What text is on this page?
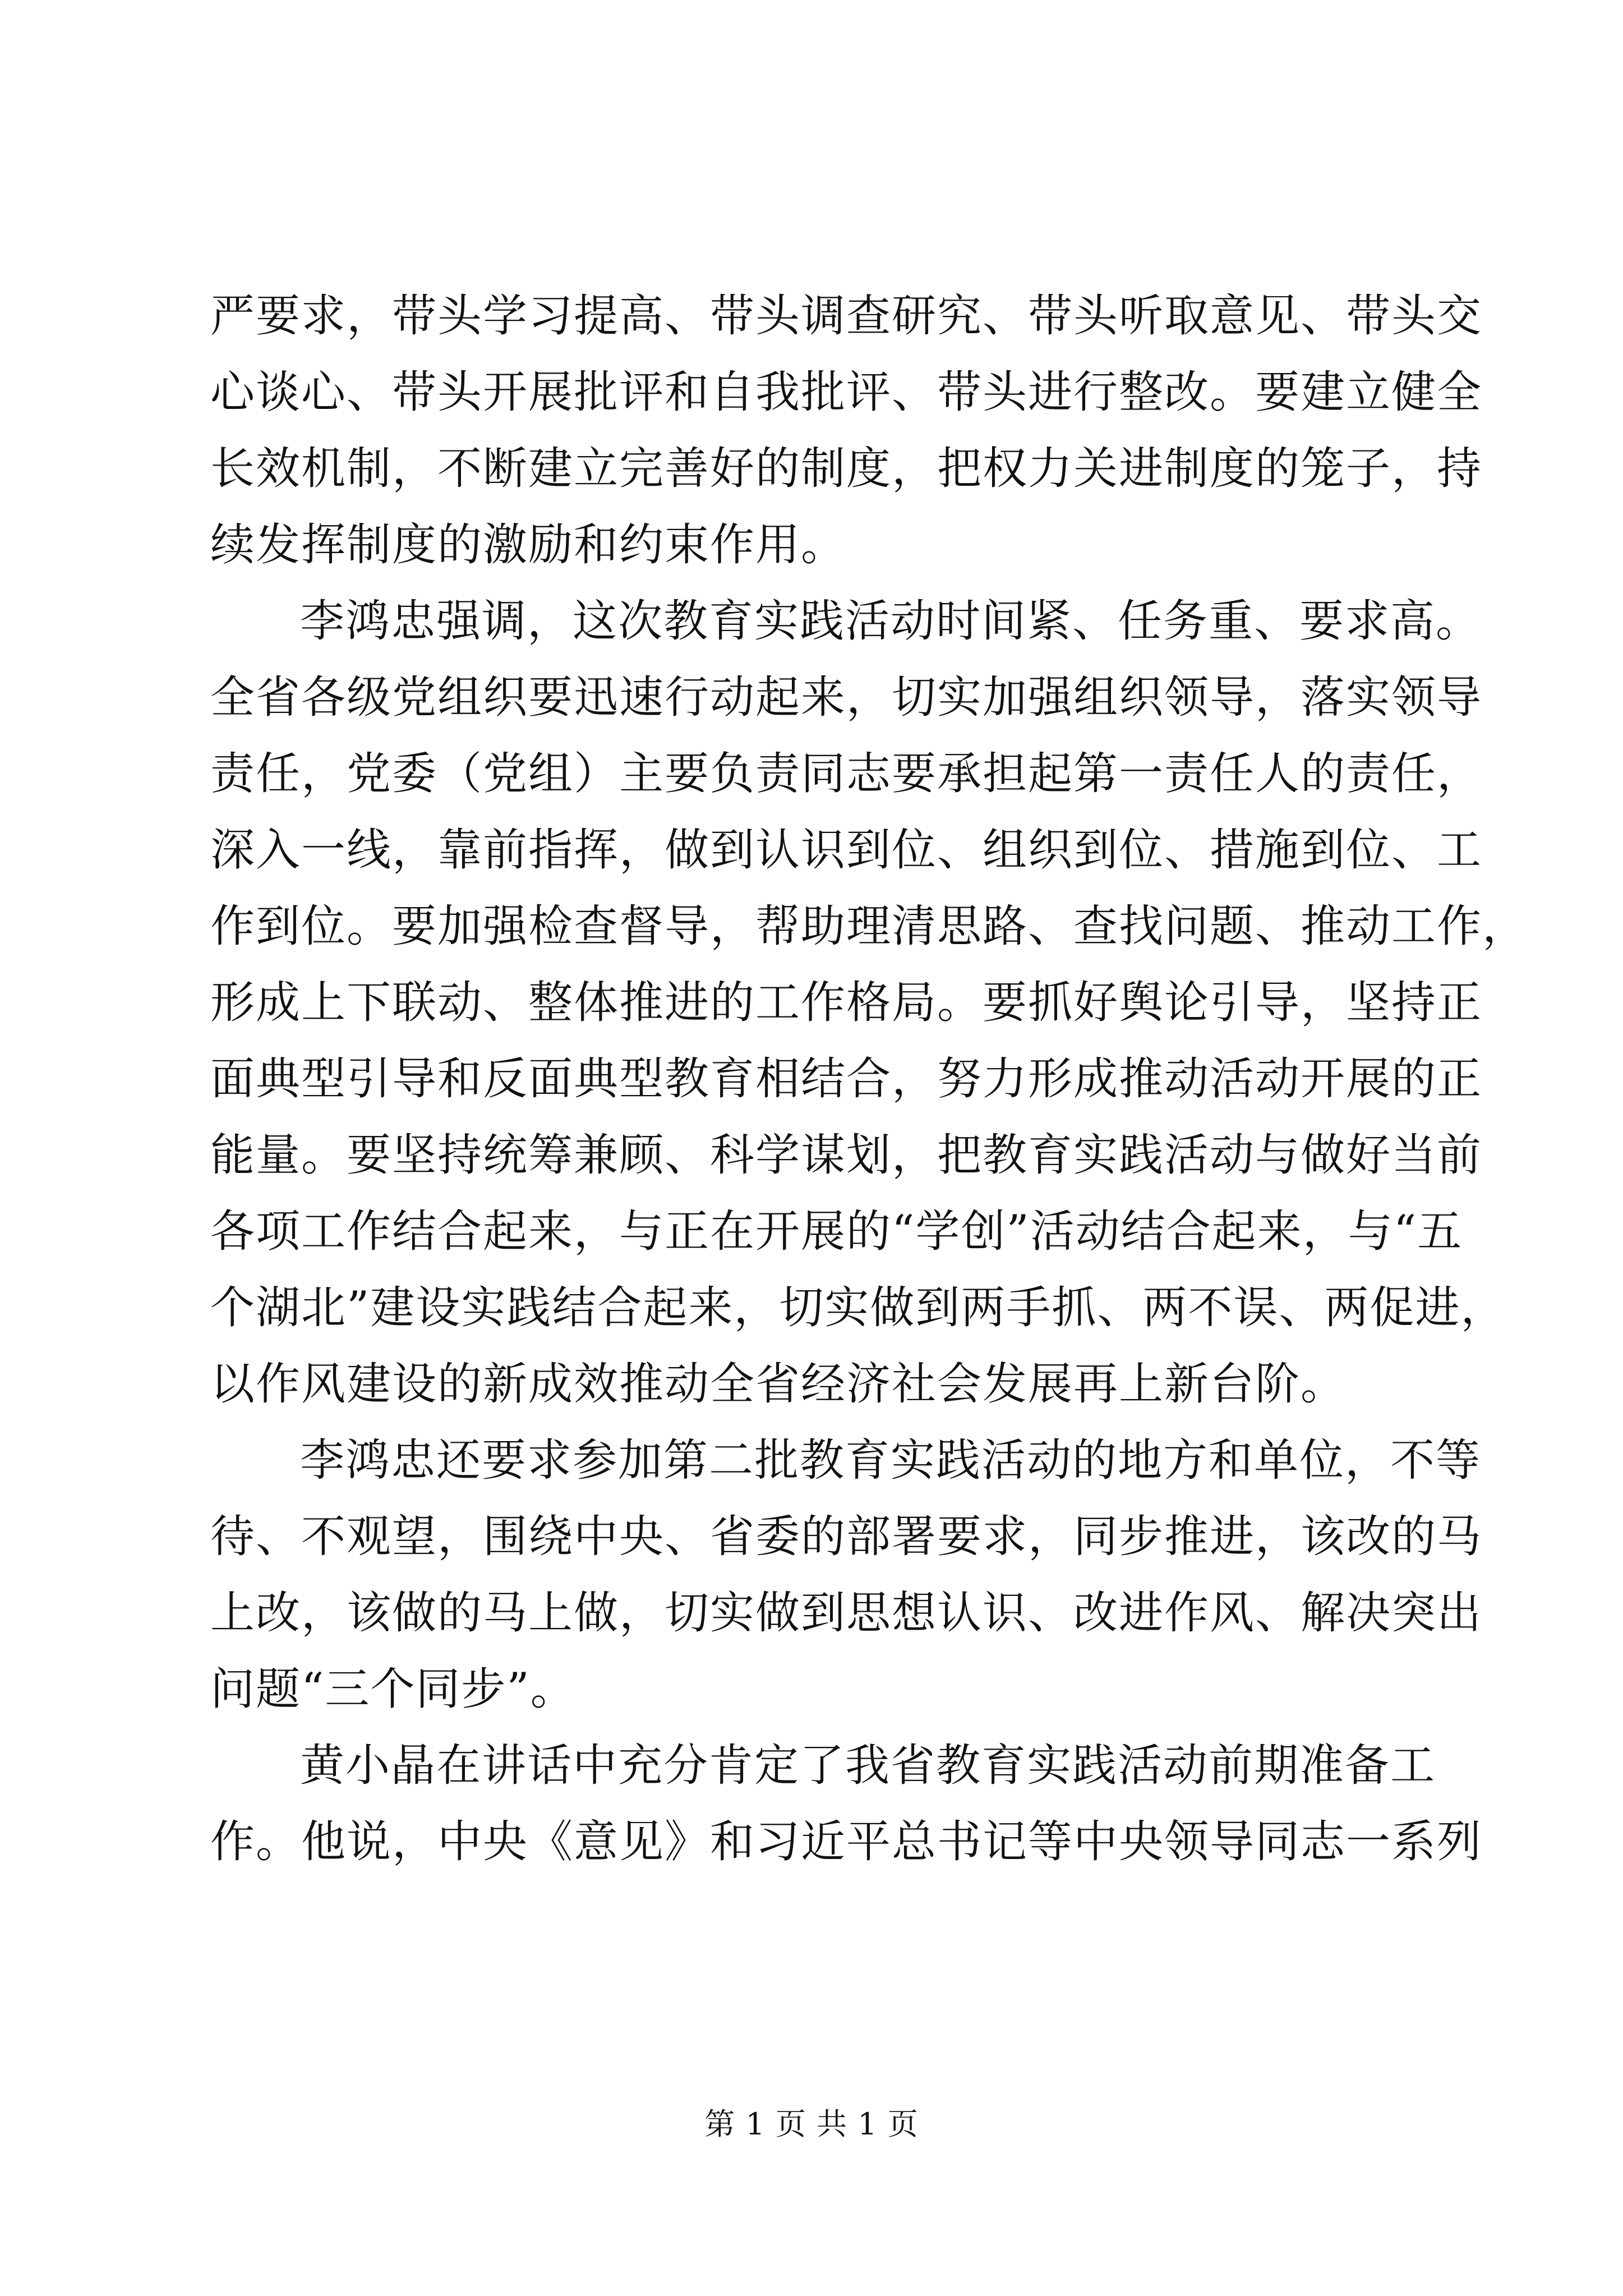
严要求，带头学习提高、带头调查研究、带头听取意见、带头交
心谈心、带头开展批评和自我批评、带头进行整改。要建立健全
长效机制，不断建立完善好的制度，把权力关进制度的笼子，持
续发挥制度的激励和约束作用。
李鸿忠强调，这次教育实践活动时间紧、任务重、要求高。
全省各级党组织要迅速行动起来，切实加强组织领导，落实领导
责任，党委（党组）主要负责同志要承担起第一责任人的责任，
深入一线，靠前指挥，做到认识到位、组织到位、措施到位、工
作到位。要加强检查督导，帮助理清思路、查找问题、推动工作，
形成上下联动、整体推进的工作格局。要抓好舆论引导，坚持正
面典型引导和反面典型教育相结合，努力形成推动活动开展的正
能量。要坚持统筹兼顾、科学谋划，把教育实践活动与做好当前
各项工作结合起来，与正在开展的“学创”活动结合起来，与“五
个湖北”建设实践结合起来，切实做到两手抓、两不误、两促进，
以作风建设的新成效推动全省经济社会发展再上新台阶。
李鸿忠还要求参加第二批教育实践活动的地方和单位，不等
待、不观望，围绕中央、省委的部署要求，同步推进，该改的马
上改，该做的马上做，切实做到思想认识、改进作风、解决突出
问题“三个同步”。
黄小晶在讲话中充分肯定了我省教育实践活动前期准备工
作。他说，中央《意见》和习近平总书记等中央领导同志一系列
第 1 页 共 1 页
